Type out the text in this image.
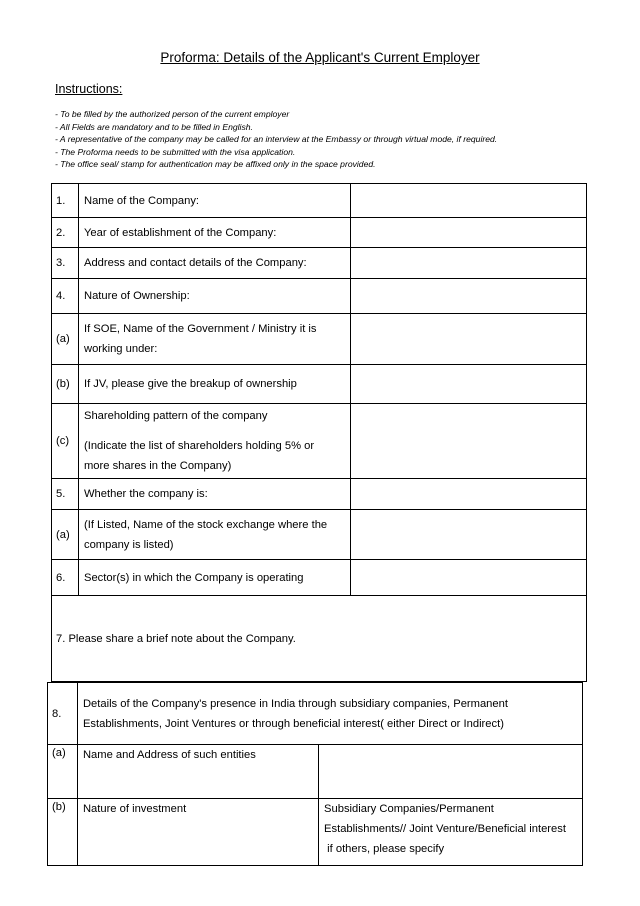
Proforma: Details of the Applicant's Current Employer
Instructions:
- To be filled by the authorized person of the current employer
- All Fields are mandatory and to be filled in English.
- A representative of the company may be called for an interview at the Embassy or through virtual mode, if required.
- The Proforma needs to be submitted with the visa application.
- The office seal/ stamp for authentication may be affixed only in the space provided.
1.	Name of the Company:	
2.	Year of establishment of the Company:	
3.	Address and contact details of the Company:	
4.	Nature of Ownership:	
(a)	If SOE, Name of the Government / Ministry it is
working under:	

(b)	If JV, please give the breakup of ownership	
(c)	Shareholding pattern of the company
(Indicate the list of shareholders holding 5% or
more shares in the Company)	

5.	Whether the company is:	
(a)	(If Listed, Name of the stock exchange where the
company is listed)	

6.	Sector(s) in which the Company is operating	
7. Please share a brief note about the Company.		
8.	Details of the Company's presence in India through subsidiary companies, Permanent
Establishments, Joint Ventures or through beneficial interest( either Direct or Indirect)	

(a)	Name and Address of such entities	
(b)	Nature of investment	Subsidiary Companies/Permanent
Establishments// Joint Venture/Beneficial interest
if others, please specify
